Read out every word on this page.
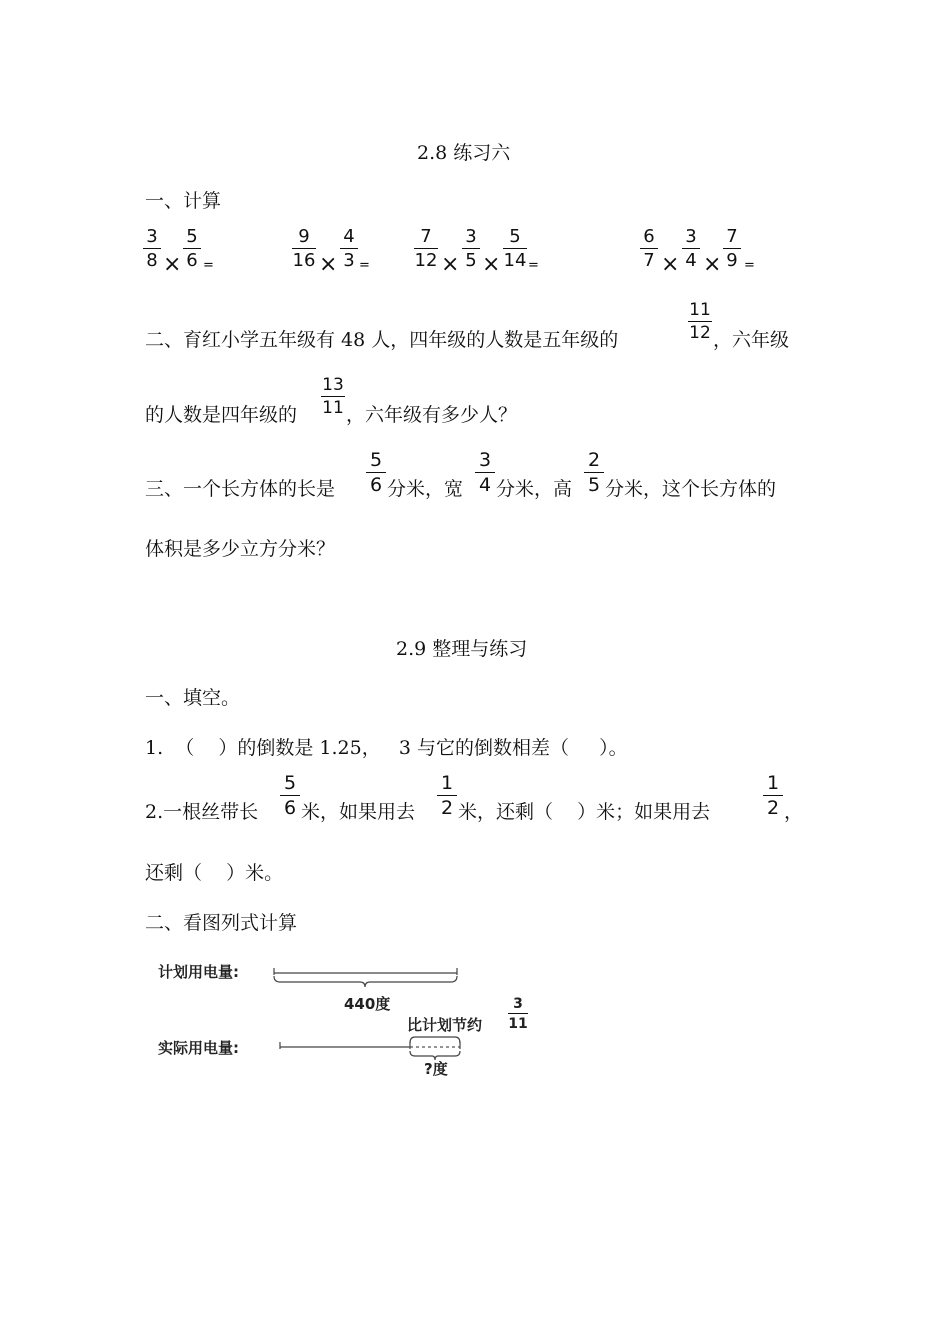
2.8 练习六
一、计算
3
8 ×
5
6 =
9
16 ×
4
3 =
7
12 ×
3
5 ×
5
14 =
6
7 ×
3
4 ×
7
9 =
二、育红小学五年级有 48 人，四年级的人数是五年级的
11
12 ，六年级
的人数是四年级的
13
11 ，六年级有多少人？
三、一个长方体的长是
5
6 分米，宽
3
4 分米，高
2
5 分米，这个长方体的
体积是多少立方分米？
2.9 整理与练习
一、填空。
1.  （    ）的倒数是 1.25，   3 与它的倒数相差（     ）。
2.一根丝带长
5
6 米，如果用去
1
2 米，还剩（    ）米；如果用去
1
2 ，
还剩（    ）米。
二、看图列式计算
计划用电量:
440度
实际用电量:
比计划节约
3
11
?度
